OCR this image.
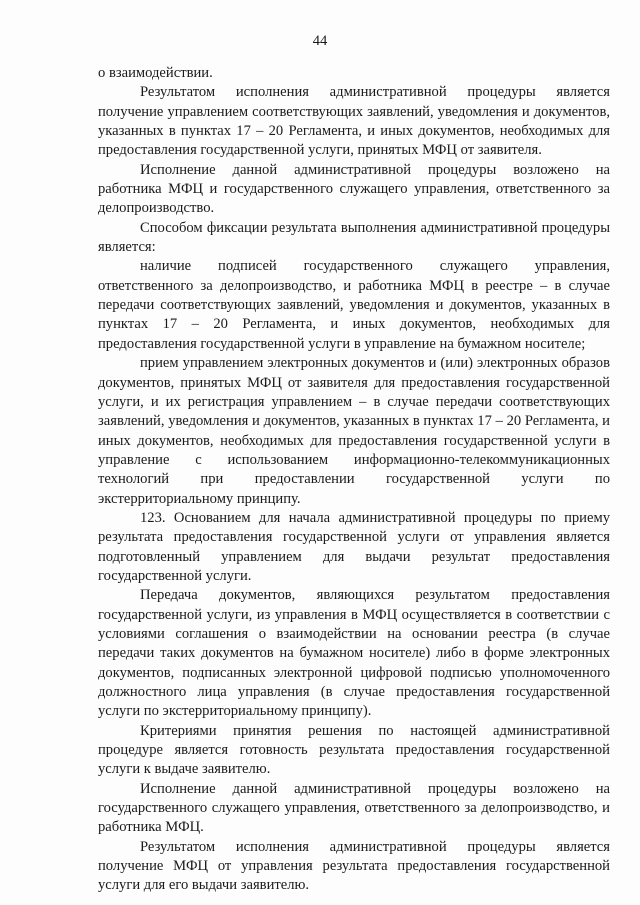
44

о взаимодействии.

Результатом исполнения административной процедуры является получение управлением соответствующих заявлений, уведомления и документов, указанных в пунктах 17 – 20 Регламента, и иных документов, необходимых для предоставления государственной услуги, принятых МФЦ от заявителя.

Исполнение данной административной процедуры возложено на работника МФЦ и государственного служащего управления, ответственного за делопроизводство.

Способом фиксации результата выполнения административной процедуры является:

наличие подписей государственного служащего управления, ответственного за делопроизводство, и работника МФЦ в реестре – в случае передачи соответствующих заявлений, уведомления и документов, указанных в пунктах 17 – 20 Регламента, и иных документов, необходимых для предоставления государственной услуги в управление на бумажном носителе;

прием управлением электронных документов и (или) электронных образов документов, принятых МФЦ от заявителя для предоставления государственной услуги, и их регистрация управлением – в случае передачи соответствующих заявлений, уведомления и документов, указанных в пунктах 17 – 20 Регламента, и иных документов, необходимых для предоставления государственной услуги в управление с использованием информационно-телекоммуникационных технологий при предоставлении государственной услуги по экстерриториальному принципу.

123. Основанием для начала административной процедуры по приему результата предоставления государственной услуги от управления является подготовленный управлением для выдачи результат предоставления государственной услуги.

Передача документов, являющихся результатом предоставления государственной услуги, из управления в МФЦ осуществляется в соответствии с условиями соглашения о взаимодействии на основании реестра (в случае передачи таких документов на бумажном носителе) либо в форме электронных документов, подписанных электронной цифровой подписью уполномоченного должностного лица управления (в случае предоставления государственной услуги по экстерриториальному принципу).

Критериями принятия решения по настоящей административной процедуре является готовность результата предоставления государственной услуги к выдаче заявителю.

Исполнение данной административной процедуры возложено на государственного служащего управления, ответственного за делопроизводство, и работника МФЦ.

Результатом исполнения административной процедуры является получение МФЦ от управления результата предоставления государственной услуги для его выдачи заявителю.
